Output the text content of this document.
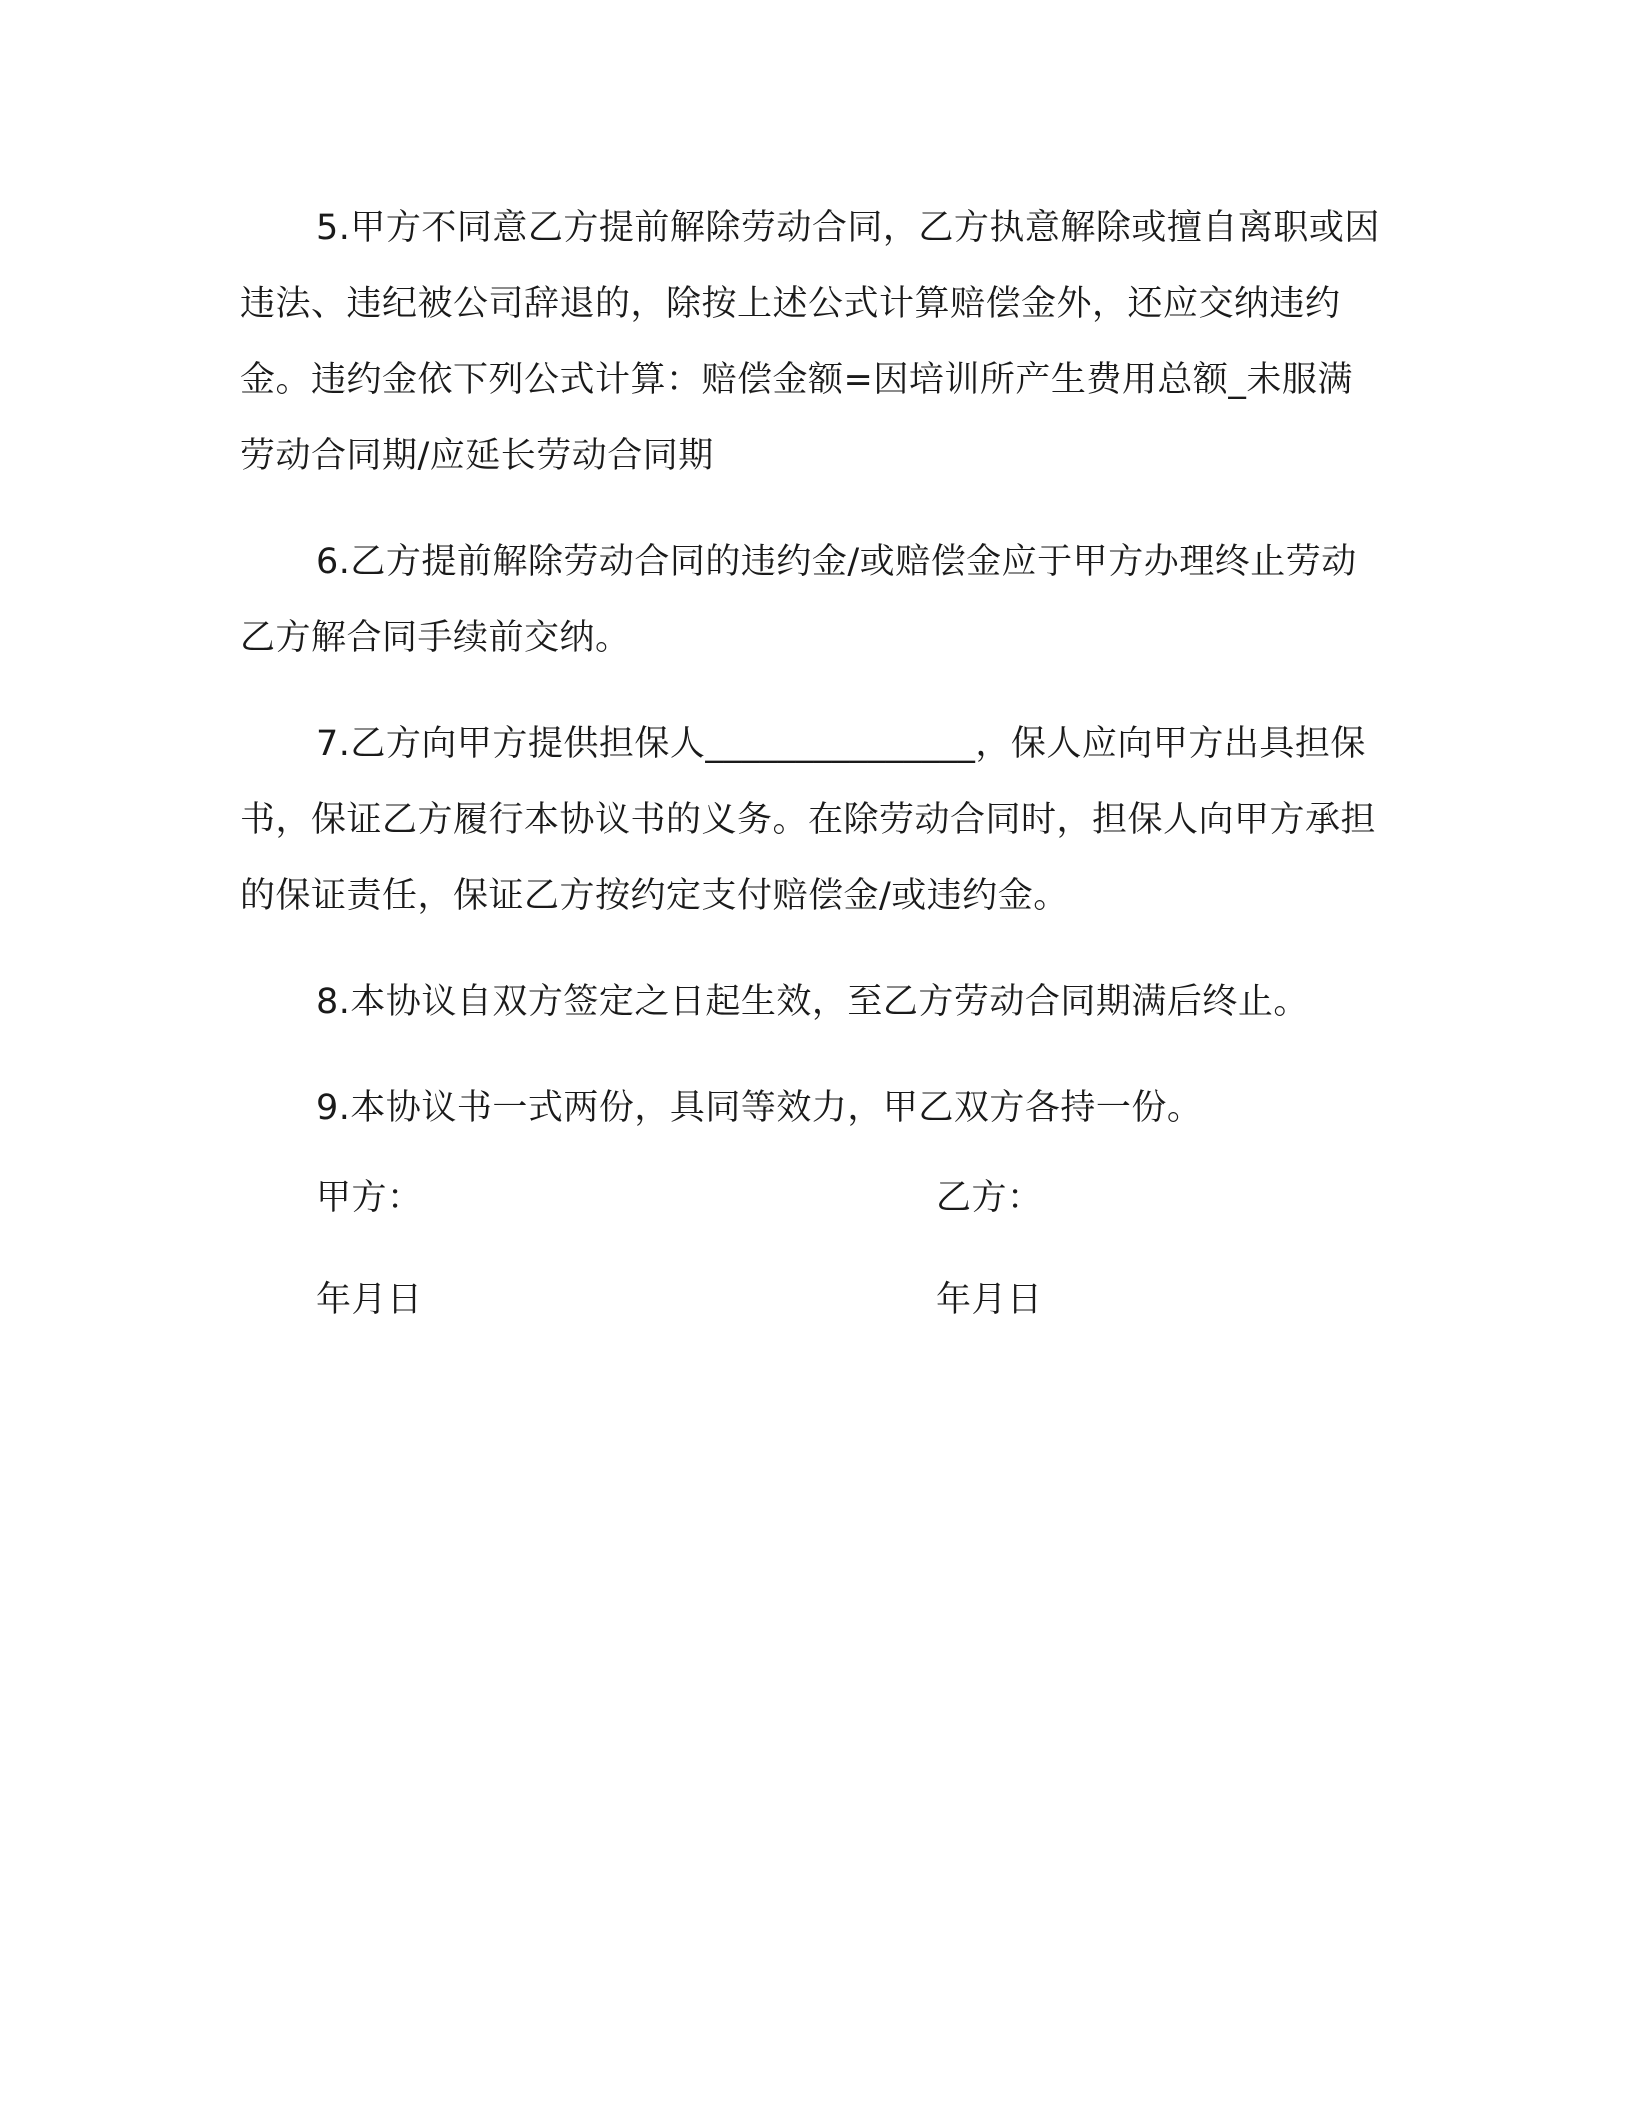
5.甲方不同意乙方提前解除劳动合同，乙方执意解除或擅自离职或因违法、违纪被公司辞退的，除按上述公式计算赔偿金外，还应交纳违约金。违约金依下列公式计算：赔偿金额=因培训所产生费用总额_未服满劳动合同期/应延长劳动合同期

6.乙方提前解除劳动合同的违约金/或赔偿金应于甲方办理终止劳动乙方解合同手续前交纳。

7.乙方向甲方提供担保人_______________，保人应向甲方出具担保书，保证乙方履行本协议书的义务。在除劳动合同时，担保人向甲方承担的保证责任，保证乙方按约定支付赔偿金/或违约金。

8.本协议自双方签定之日起生效，至乙方劳动合同期满后终止。

9.本协议书一式两份，具同等效力，甲乙双方各持一份。

甲方：	乙方：
年月日	年月日
